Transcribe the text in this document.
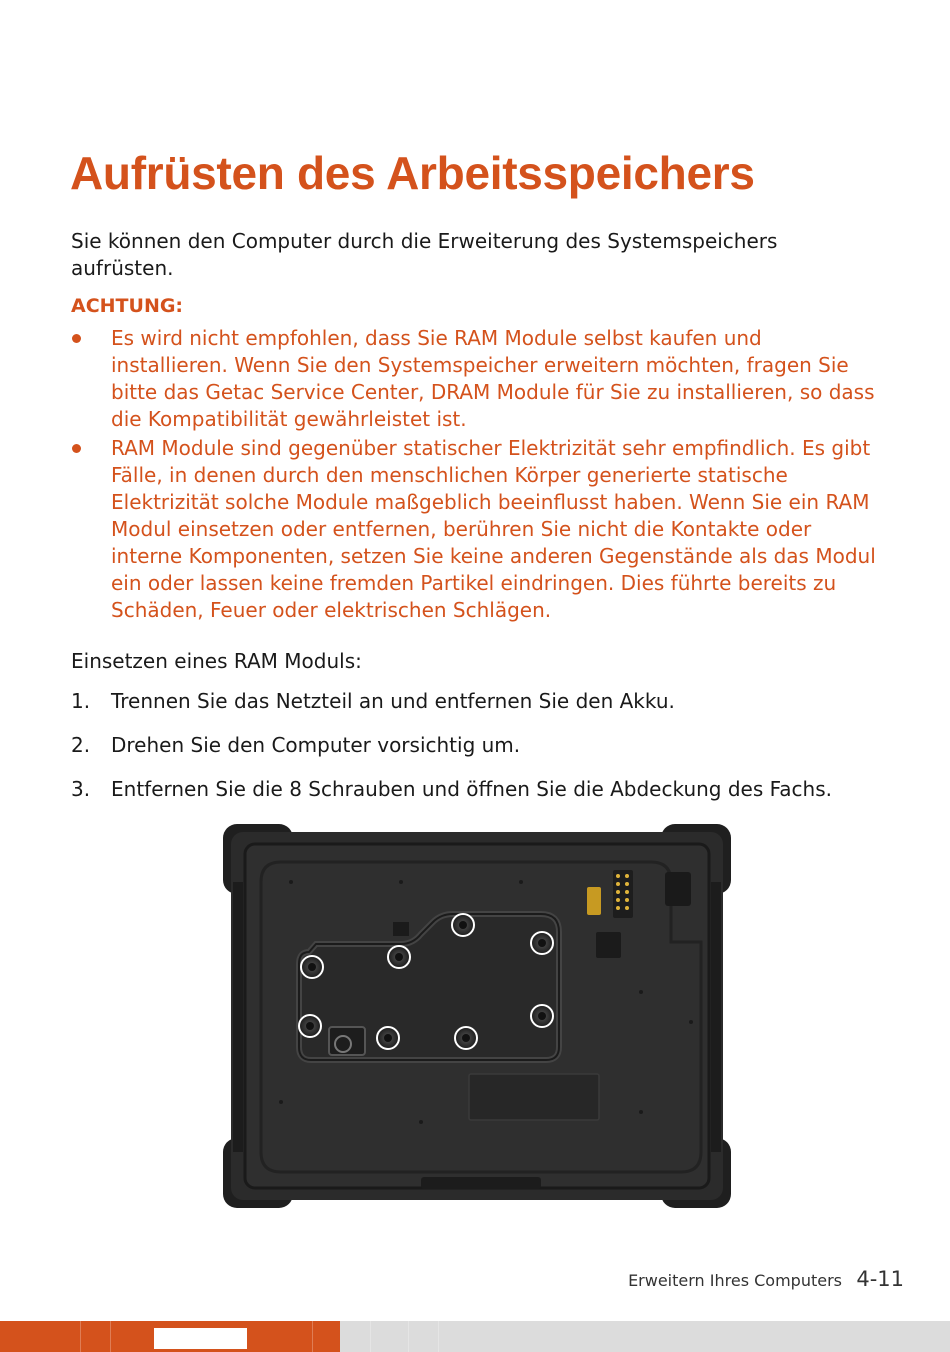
Aufrüsten des Arbeitsspeichers

Sie können den Computer durch die Erweiterung des Systemspeichers aufrüsten.

ACHTUNG:

Es wird nicht empfohlen, dass Sie RAM Module selbst kaufen und installieren. Wenn Sie den Systemspeicher erweitern möchten, fragen Sie bitte das Getac Service Center, DRAM Module für Sie zu installieren, so dass die Kompatibilität gewährleistet ist.
RAM Module sind gegenüber statischer Elektrizität sehr empfindlich. Es gibt Fälle, in denen durch den menschlichen Körper generierte statische Elektrizität solche Module maßgeblich beeinflusst haben. Wenn Sie ein RAM Modul einsetzen oder entfernen, berühren Sie nicht die Kontakte oder interne Komponenten, setzen Sie keine anderen Gegenstände als das Modul ein oder lassen keine fremden Partikel eindringen. Dies führte bereits zu Schäden, Feuer oder elektrischen Schlägen.

Einsetzen eines RAM Moduls:

1. Trennen Sie das Netzteil an und entfernen Sie den Akku.
2. Drehen Sie den Computer vorsichtig um.
3. Entfernen Sie die 8 Schrauben und öffnen Sie die Abdeckung des Fachs.
Erweitern Ihres Computers 4-11
